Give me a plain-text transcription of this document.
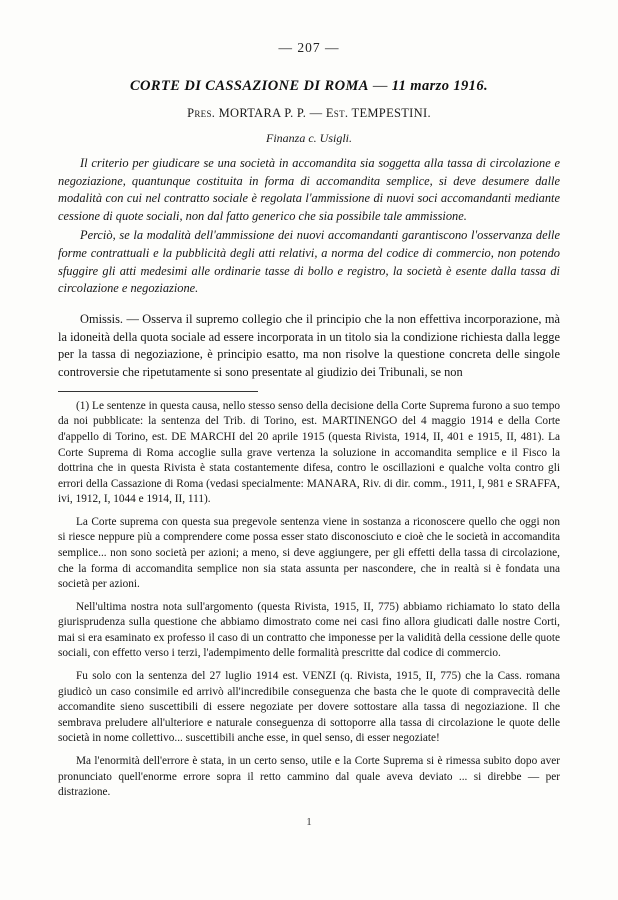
— 207 —
CORTE DI CASSAZIONE DI ROMA — 11 marzo 1916.
Pres. MORTARA P. P. — Est. TEMPESTINI.
Finanza c. Usigli.

Il criterio per giudicare se una società in accomandita sia soggetta alla tassa di circolazione e negoziazione, quantunque costituita in forma di accomandita semplice, si deve desumere dalle modalità con cui nel contratto sociale è regolata l'ammissione di nuovi soci accomandanti mediante cessione di quote sociali, non dal fatto generico che sia possibile tale ammissione.

Perciò, se la modalità dell'ammissione dei nuovi accomandanti garantiscono l'osservanza delle forme contrattuali e la pubblicità degli atti relativi, a norma del codice di commercio, non potendo sfuggire gli atti medesimi alle ordinarie tasse di bollo e registro, la società è esente dalla tassa di circolazione e negoziazione.

Omissis. — Osserva il supremo collegio che il principio che la non effettiva incorporazione, mà la idoneità della quota sociale ad essere incorporata in un titolo sia la condizione richiesta dalla legge per la tassa di negoziazione, è principio esatto, ma non risolve la questione concreta delle singole controversie che ripetutamente si sono presentate al giudizio dei Tribunali, se non

(1) Le sentenze in questa causa, nello stesso senso della decisione della Corte Suprema furono a suo tempo da noi pubblicate: la sentenza del Trib. di Torino, est. MARTINENGO del 4 maggio 1914 e della Corte d'appello di Torino, est. DE MARCHI del 20 aprile 1915 (questa Rivista, 1914, II, 401 e 1915, II, 481). La Corte Suprema di Roma accoglie sulla grave vertenza la soluzione in accomandita semplice e il Fisco la dottrina che in questa Rivista è stata costantemente difesa, contro le oscillazioni e qualche volta contro gli errori della Cassazione di Roma (vedasi specialmente: MANARA, Riv. di dir. comm., 1911, I, 981 e SRAFFA, ivi, 1912, I, 1044 e 1914, II, 111).

La Corte suprema con questa sua pregevole sentenza viene in sostanza a riconoscere quello che oggi non si riesce neppure più a comprendere come possa esser stato disconosciuto e cioè che le società in accomandita semplice... non sono società per azioni; a meno, si deve aggiungere, per gli effetti della tassa di circolazione, che la forma di accomandita semplice non sia stata assunta per nascondere, che in realtà si è fondata una società per azioni.

Nell'ultima nostra nota sull'argomento (questa Rivista, 1915, II, 775) abbiamo richiamato lo stato della giurisprudenza sulla questione che abbiamo dimostrato come nei casi fino allora giudicati dalle nostre Corti, mai si era esaminato ex professo il caso di un contratto che imponesse per la validità della cessione delle quote sociali, con effetto verso i terzi, l'adempimento delle formalità prescritte dal codice di commercio.

Fu solo con la sentenza del 27 luglio 1914 est. VENZI (q. Rivista, 1915, II, 775) che la Cass. romana giudicò un caso consimile ed arrivò all'incredibile conseguenza che basta che le quote di compravecità delle accomandite sieno suscettibili di essere negoziate per dovere sottostare alla tassa di negoziazione. Il che sembrava preludere all'ulteriore e naturale conseguenza di sottoporre alla tassa di circolazione le quote delle società in nome collettivo... suscettibili anche esse, in quel senso, di esser negoziate!

Ma l'enormità dell'errore è stata, in un certo senso, utile e la Corte Suprema si è rimessa subito dopo aver pronunciato quell'enorme errore sopra il retto cammino dal quale aveva deviato ... si direbbe — per distrazione.

1
